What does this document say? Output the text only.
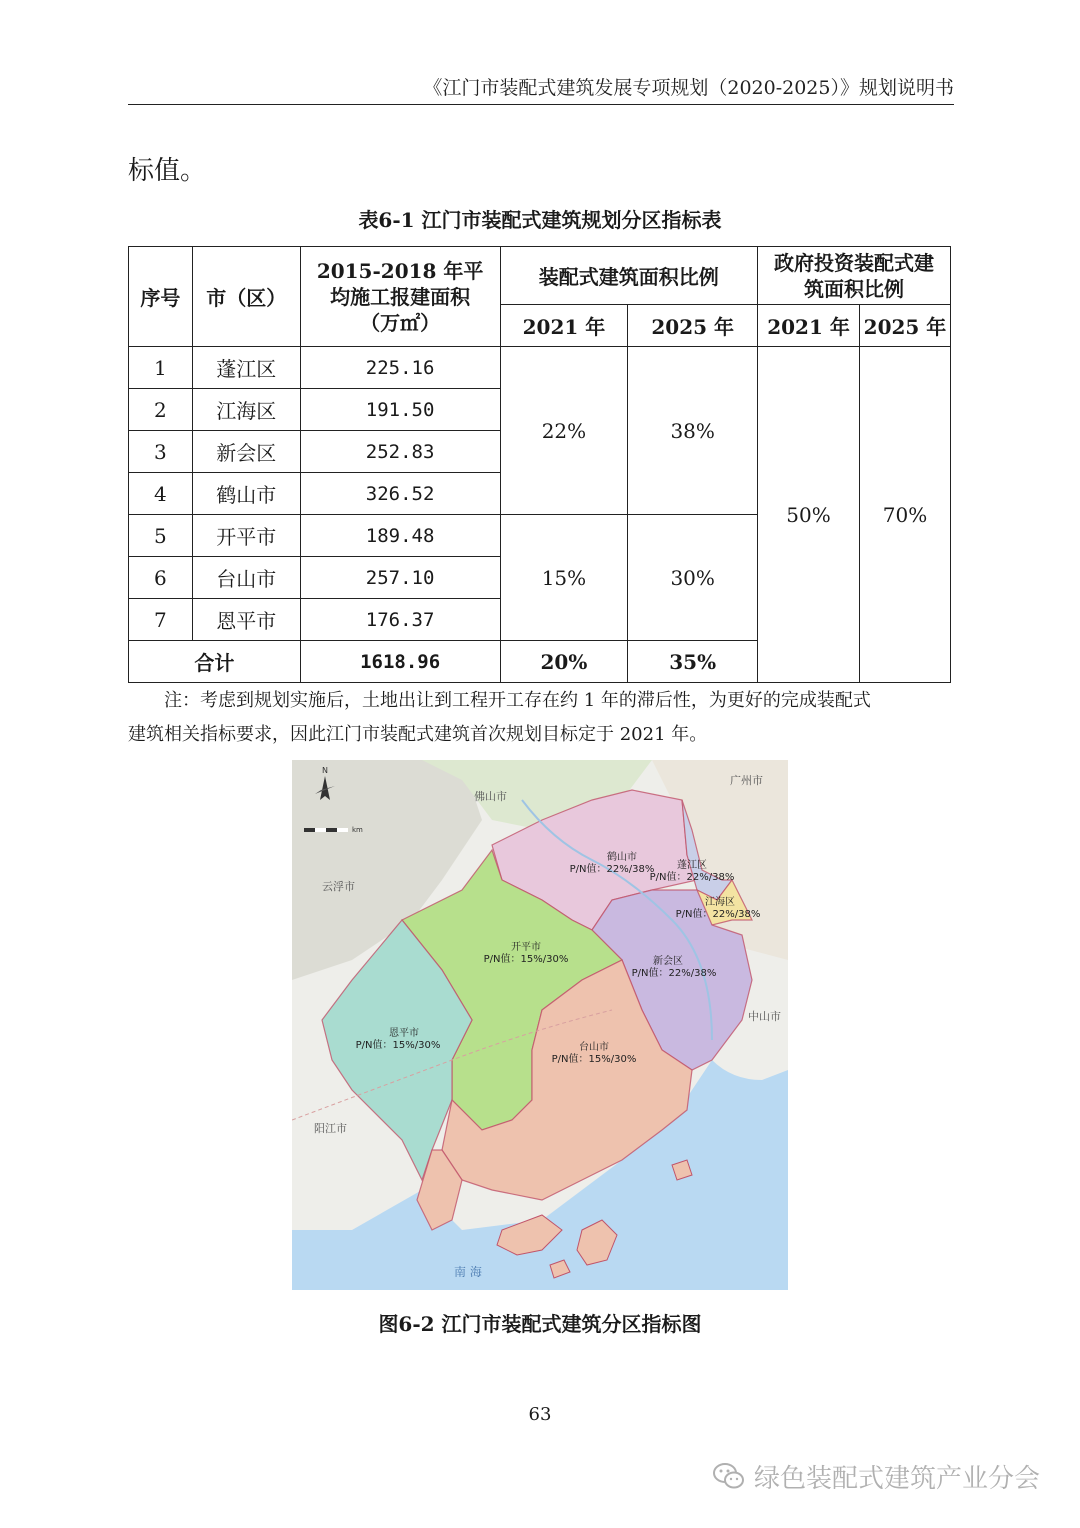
《江门市装配式建筑发展专项规划（2020-2025）》规划说明书
标值。
表6-1 江门市装配式建筑规划分区指标表
序号	市（区）	2015-2018 年平均施工报建面积（万㎡）	装配式建筑面积比例		政府投资装配式建筑面积比例	
			2021 年	2025 年	2021 年	2025 年
1	蓬江区	225.16	22%	38%	50%	70%
2	江海区	191.50				
3	新会区	252.83				
4	鹤山市	326.52				
5	开平市	189.48	15%	30%		
6	台山市	257.10				
7	恩平市	176.37				
合计		1618.96	20%	35%		
注：考虑到规划实施后，土地出让到工程开工存在约 1 年的滞后性，为更好的完成装配式
建筑相关指标要求，因此江门市装配式建筑首次规划目标定于 2021 年。
N
km
佛山市
广州市
云浮市
阳江市
中山市
南 海
鹤山市
P/N值：22%/38% 蓬江区
P/N值：22%/38%
江海区
P/N值：22%/38%
新会区
P/N值：22%/38%
开平市
P/N值：15%/30%
恩平市
P/N值：15%/30%	台山市
P/N值：15%/30%
图6-2 江门市装配式建筑分区指标图
63
绿色装配式建筑产业分会
